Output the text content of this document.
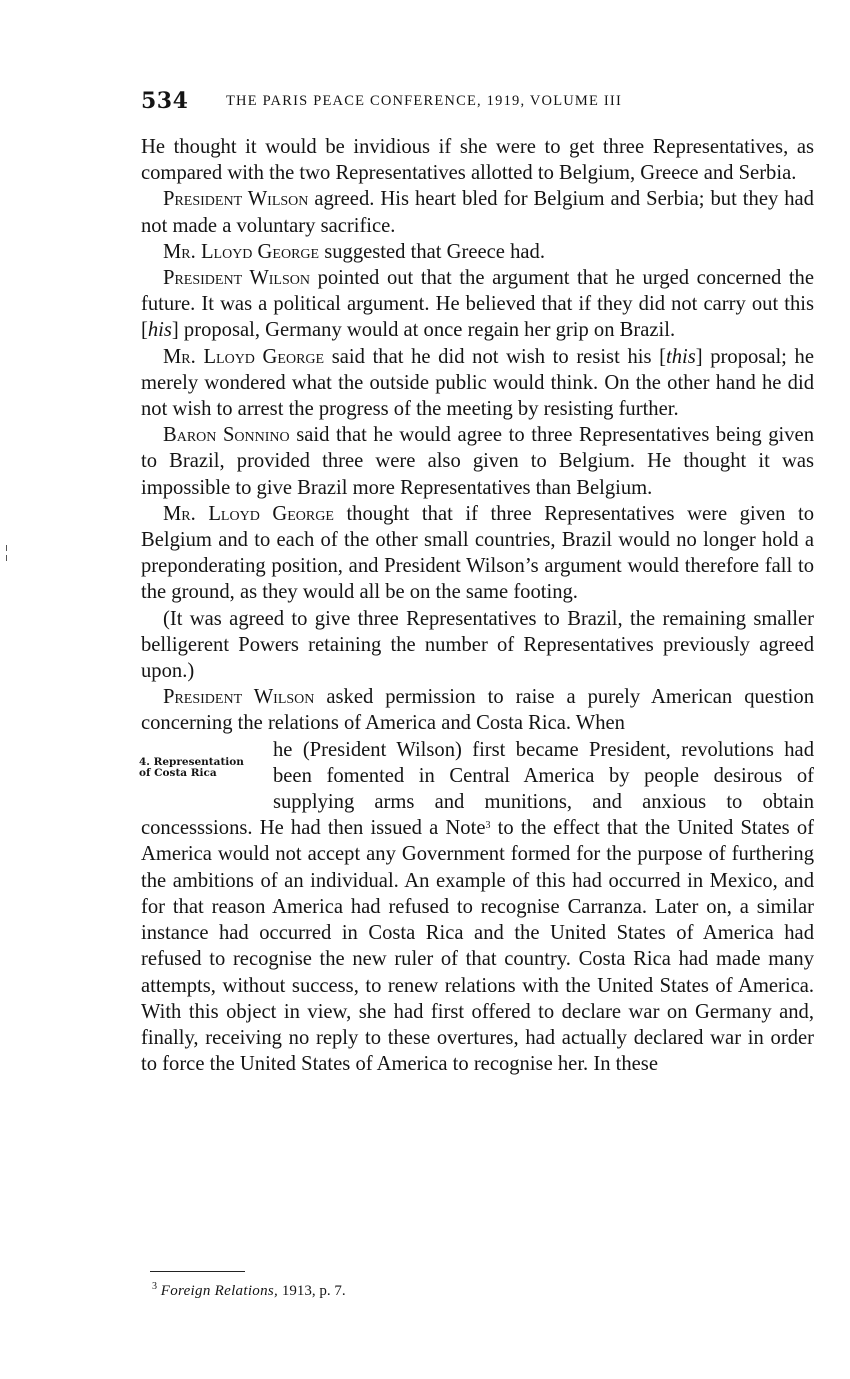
534	THE PARIS PEACE CONFERENCE, 1919, VOLUME III

He thought it would be invidious if she were to get three Representatives, as compared with the two Representatives allotted to Belgium, Greece and Serbia.

President Wilson agreed. His heart bled for Belgium and Serbia; but they had not made a voluntary sacrifice.

Mr. Lloyd George suggested that Greece had.

President Wilson pointed out that the argument that he urged concerned the future. It was a political argument. He believed that if they did not carry out this [his] proposal, Germany would at once regain her grip on Brazil.

Mr. Lloyd George said that he did not wish to resist his [this] proposal; he merely wondered what the outside public would think. On the other hand he did not wish to arrest the progress of the meeting by resisting further.

Baron Sonnino said that he would agree to three Representatives being given to Brazil, provided three were also given to Belgium. He thought it was impossible to give Brazil more Representatives than Belgium.

Mr. Lloyd George thought that if three Representatives were given to Belgium and to each of the other small countries, Brazil would no longer hold a preponderating position, and President Wilson’s argument would therefore fall to the ground, as they would all be on the same footing.

(It was agreed to give three Representatives to Brazil, the remaining smaller belligerent Powers retaining the number of Representatives previously agreed upon.)

President Wilson asked permission to raise a purely American question concerning the relations of America and Costa Rica. When

4. Representation
of Costa Rica
he (President Wilson) first became President, revolutions had been fomented in Central America by people desirous of supplying arms and munitions, and anxious to obtain concesssions. He had then issued a Note$^3$ to the effect that the United States of America would not accept any Government formed for the purpose of furthering the ambitions of an individual. An example of this had occurred in Mexico, and for that reason America had refused to recognise Carranza. Later on, a similar instance had occurred in Costa Rica and the United States of America had refused to recognise the new ruler of that country. Costa Rica had made many attempts, without success, to renew relations with the United States of America. With this object in view, she had first offered to declare war on Germany and, finally, receiving no reply to these overtures, had actually declared war in order to force the United States of America to recognise her. In these

$^3$ Foreign Relations, 1913, p. 7.
